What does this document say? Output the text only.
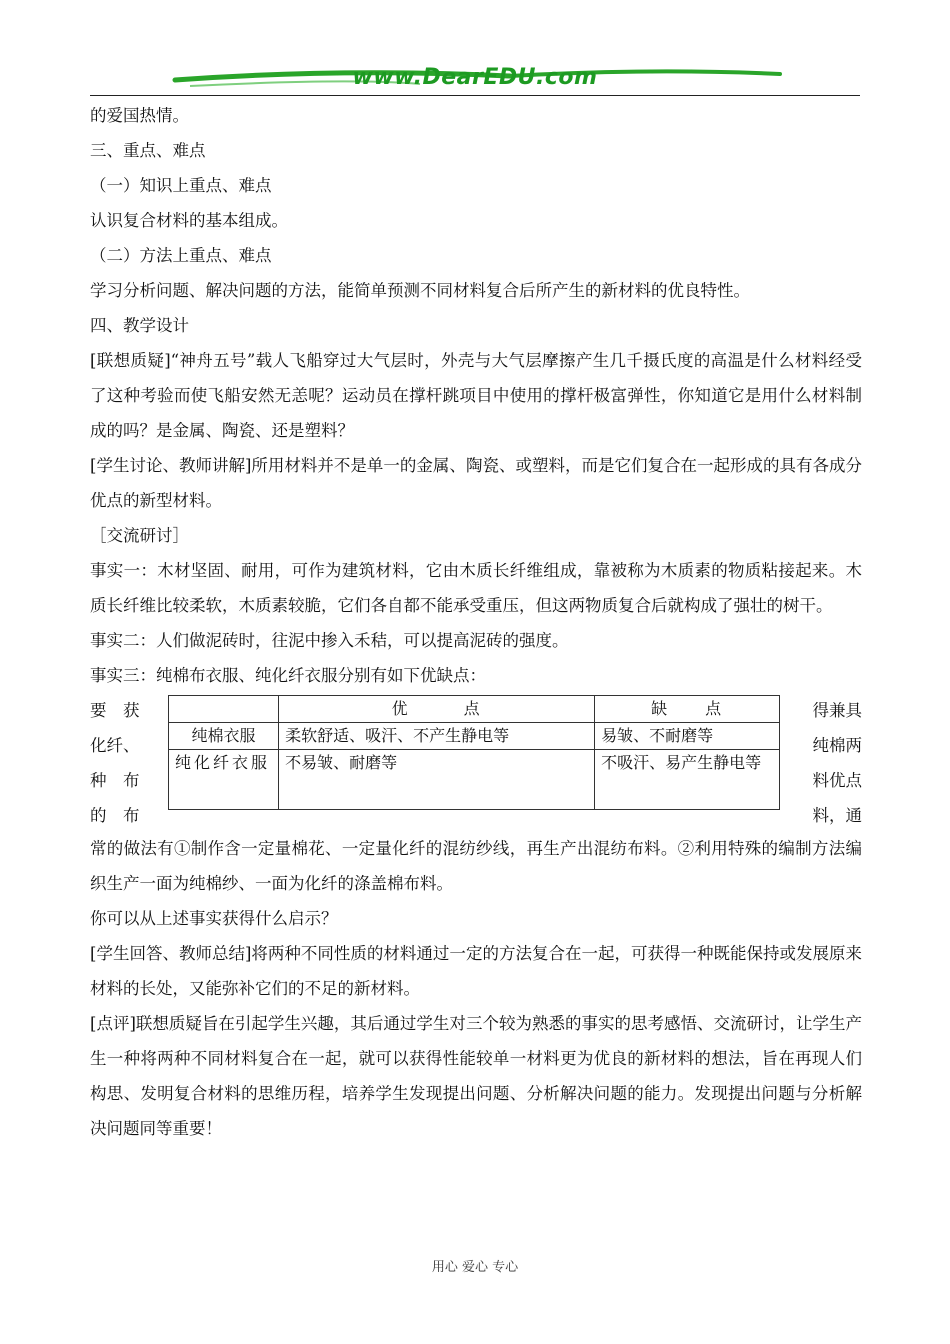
www.DearEDU.com

的爱国热情。

三、重点、难点

（一）知识上重点、难点

认识复合材料的基本组成。

（二）方法上重点、难点

学习分析问题、解决问题的方法，能简单预测不同材料复合后所产生的新材料的优良特性。

四、教学设计

[联想质疑]“神舟五号”载人飞船穿过大气层时，外壳与大气层摩擦产生几千摄氏度的高温是什么材料经受了这种考验而使飞船安然无恙呢？运动员在撑杆跳项目中使用的撑杆极富弹性，你知道它是用什么材料制成的吗？是金属、陶瓷、还是塑料？

[学生讨论、教师讲解]所用材料并不是单一的金属、陶瓷、或塑料，而是它们复合在一起形成的具有各成分优点的新型材料。

［交流研讨］

事实一：木材坚固、耐用，可作为建筑材料，它由木质长纤维组成，靠被称为木质素的物质粘接起来。木质长纤维比较柔软，木质素较脆，它们各自都不能承受重压，但这两物质复合后就构成了强壮的树干。

事实二：人们做泥砖时，往泥中掺入禾秸，可以提高泥砖的强度。

事实三：纯棉布衣服、纯化纤衣服分别有如下优缺点：

要　获
化纤、
种　布
的　布
	优　　　点	缺　　点
纯棉衣服	柔软舒适、吸汗、不产生静电等	易皱、不耐磨等
纯化纤衣服	不易皱、耐磨等	不吸汗、易产生静电等
得兼具
纯棉两
料优点
料，通

常的做法有①制作含一定量棉花、一定量化纤的混纺纱线，再生产出混纺布料。②利用特殊的编制方法编织生产一面为纯棉纱、一面为化纤的涤盖棉布料。

你可以从上述事实获得什么启示？

[学生回答、教师总结]将两种不同性质的材料通过一定的方法复合在一起，可获得一种既能保持或发展原来材料的长处，又能弥补它们的不足的新材料。

[点评]联想质疑旨在引起学生兴趣，其后通过学生对三个较为熟悉的事实的思考感悟、交流研讨，让学生产生一种将两种不同材料复合在一起，就可以获得性能较单一材料更为优良的新材料的想法，旨在再现人们构思、发明复合材料的思维历程，培养学生发现提出问题、分析解决问题的能力。发现提出问题与分析解决问题同等重要！

用心 爱心 专心
